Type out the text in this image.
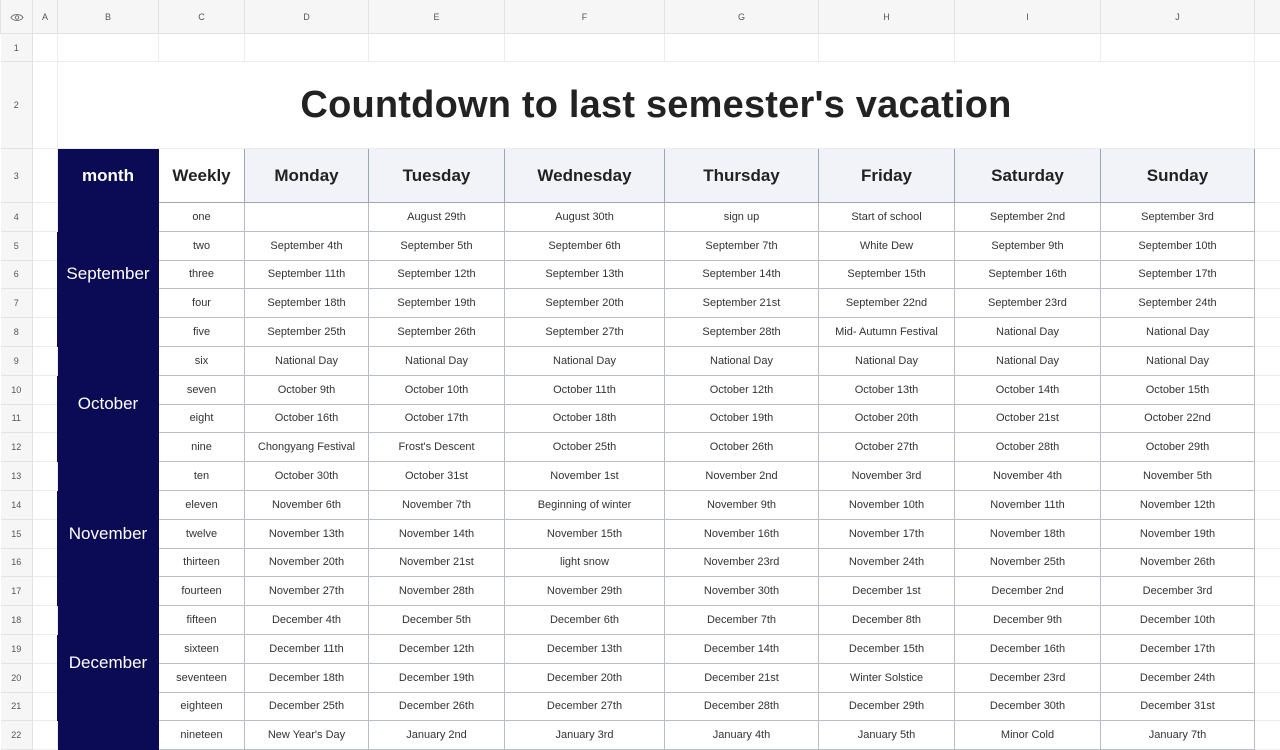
	A	B	C	D	E	F	G	H	I	J	
1											
2		Countdown to last semester's vacation									
3		month	Weekly	Monday	Tuesday	Wednesday	Thursday	Friday	Saturday	Sunday	
4		September	one		August 29th	August 30th	sign up	Start of school	September 2nd	September 3rd	
5			two	September 4th	September 5th	September 6th	September 7th	White Dew	September 9th	September 10th	
6			three	September 11th	September 12th	September 13th	September 14th	September 15th	September 16th	September 17th	
7			four	September 18th	September 19th	September 20th	September 21st	September 22nd	September 23rd	September 24th	
8			five	September 25th	September 26th	September 27th	September 28th	Mid- Autumn Festival	National Day	National Day	
9		October	six	National Day	National Day	National Day	National Day	National Day	National Day	National Day	
10			seven	October 9th	October 10th	October 11th	October 12th	October 13th	October 14th	October 15th	
11			eight	October 16th	October 17th	October 18th	October 19th	October 20th	October 21st	October 22nd	
12			nine	Chongyang Festival	Frost's Descent	October 25th	October 26th	October 27th	October 28th	October 29th	
13		November	ten	October 30th	October 31st	November 1st	November 2nd	November 3rd	November 4th	November 5th	
14			eleven	November 6th	November 7th	Beginning of winter	November 9th	November 10th	November 11th	November 12th	
15			twelve	November 13th	November 14th	November 15th	November 16th	November 17th	November 18th	November 19th	
16			thirteen	November 20th	November 21st	light snow	November 23rd	November 24th	November 25th	November 26th	
17			fourteen	November 27th	November 28th	November 29th	November 30th	December 1st	December 2nd	December 3rd	
18		December	fifteen	December 4th	December 5th	December 6th	December 7th	December 8th	December 9th	December 10th	
19			sixteen	December 11th	December 12th	December 13th	December 14th	December 15th	December 16th	December 17th	
20			seventeen	December 18th	December 19th	December 20th	December 21st	Winter Solstice	December 23rd	December 24th	
21			eighteen	December 25th	December 26th	December 27th	December 28th	December 29th	December 30th	December 31st	
22			nineteen	New Year's Day	January 2nd	January 3rd	January 4th	January 5th	Minor Cold	January 7th	
